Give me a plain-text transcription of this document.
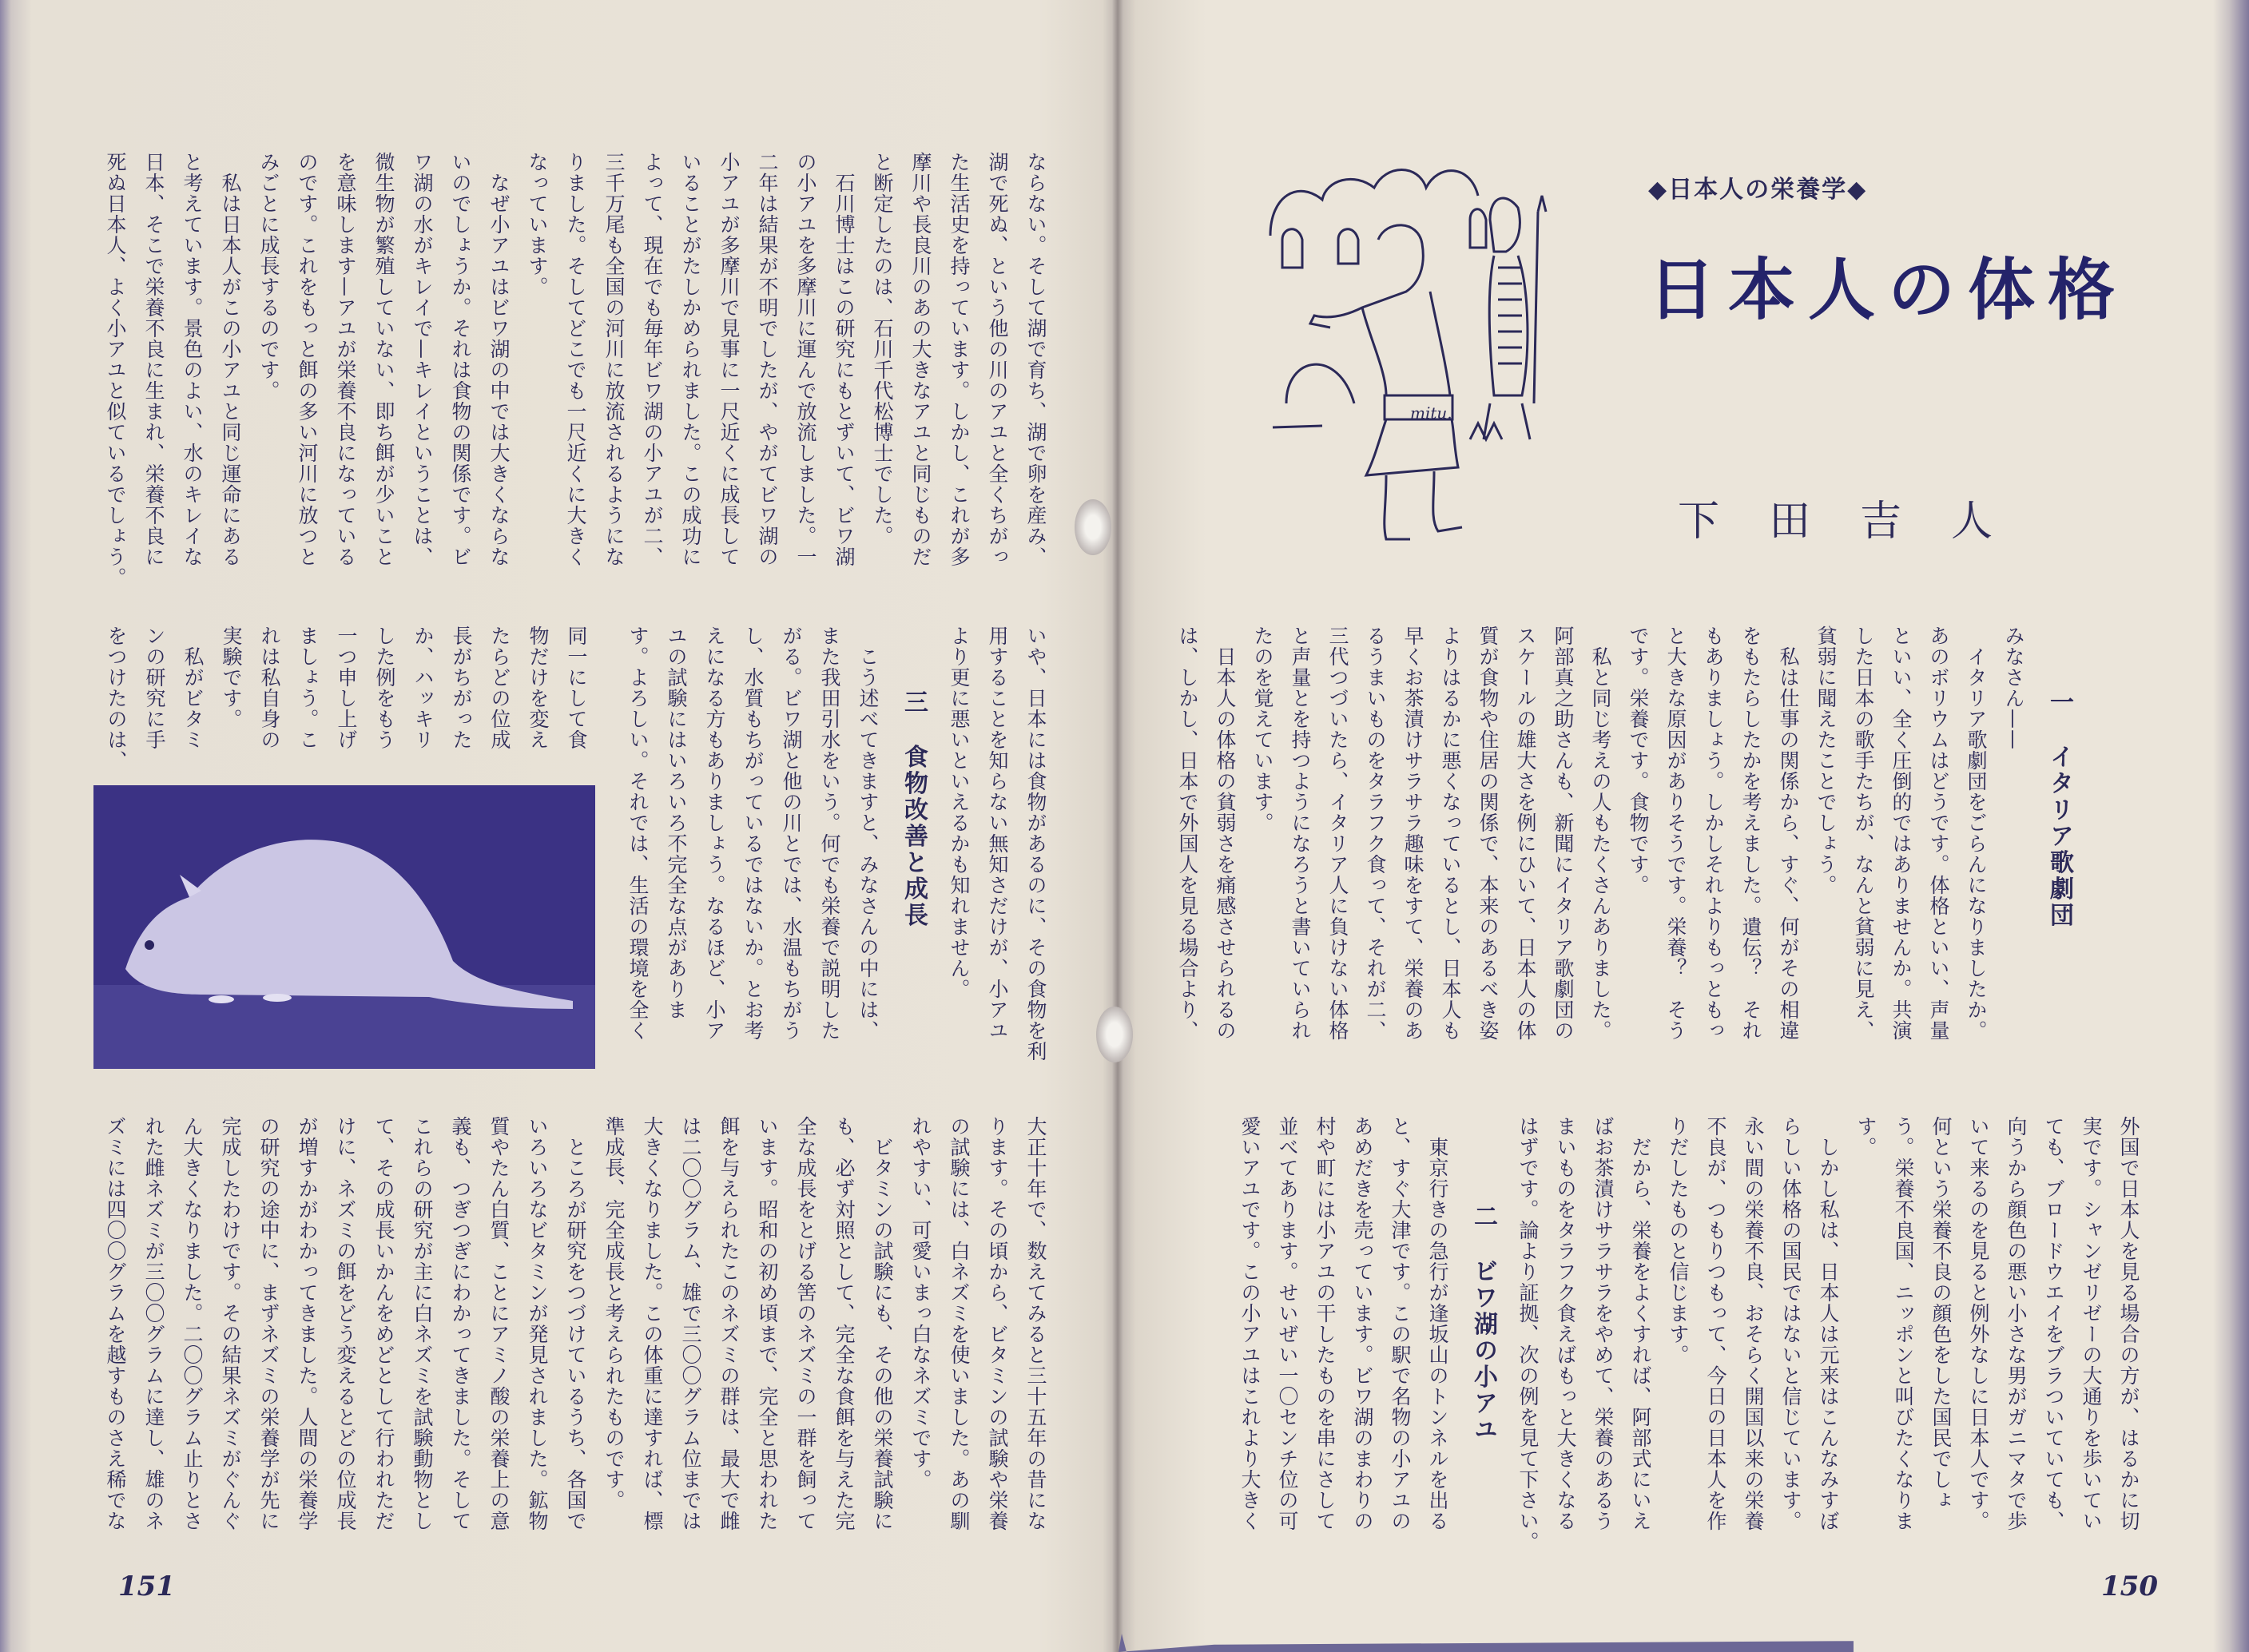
ならない。そして湖で育ち、湖で卵を産み、
湖で死ぬ、という他の川のアユと全くちがっ
た生活史を持っています。しかし、これが多
摩川や長良川のあの大きなアユと同じものだ
と断定したのは、石川千代松博士でした。
　石川博士はこの研究にもとずいて、ビワ湖
の小アユを多摩川に運んで放流しました。一
二年は結果が不明でしたが、やがてビワ湖の
小アユが多摩川で見事に一尺近くに成長して
いることがたしかめられました。この成功に
よって、現在でも毎年ビワ湖の小アユが二、
三千万尾も全国の河川に放流されるようにな
りました。そしてどこでも一尺近くに大きく
なっています。
　なぜ小アユはビワ湖の中では大きくならな
いのでしょうか。それは食物の関係です。ビ
ワ湖の水がキレイで—キレイということは、
微生物が繁殖していない、即ち餌が少いこと
を意味します—アユが栄養不良になっている
のです。これをもっと餌の多い河川に放つと
みごとに成長するのです。
　私は日本人がこの小アユと同じ運命にある
と考えています。景色のよい、水のキレイな
日本、そこで栄養不良に生まれ、栄養不良に
死ぬ日本人、よく小アユと似ているでしょう。
いや、日本には食物があるのに、その食物を利
用することを知らない無知さだけが、小アユ
より更に悪いといえるかも知れません。
三 食物改善と成長
　こう述べてきますと、みなさんの中には、
また我田引水をいう。何でも栄養で説明した
がる。ビワ湖と他の川とでは、水温もちがう
し、水質もちがっているではないか。とお考
えになる方もありましょう。なるほど、小ア
ユの試験にはいろいろ不完全な点がありま
す。よろしい。それでは、生活の環境を全く
同一にして食
物だけを変え
たらどの位成
長がちがった
か、ハッキリ
した例をもう
一つ申し上げ
ましょう。こ
れは私自身の
実験です。
　私がビタミ
ンの研究に手
をつけたのは、
大正十年で、数えてみると三十五年の昔にな
ります。その頃から、ビタミンの試験や栄養
の試験には、白ネズミを使いました。あの馴
れやすい、可愛いまっ白なネズミです。
　ビタミンの試験にも、その他の栄養試験に
も、必ず対照として、完全な食餌を与えた完
全な成長をとげる筈のネズミの一群を飼って
います。昭和の初め頃まで、完全と思われた
餌を与えられたこのネズミの群は、最大で雌
は二〇〇グラム、雄で三〇〇グラム位までは
大きくなりました。この体重に達すれば、標
準成長、完全成長と考えられたものです。
　ところが研究をつづけているうち、各国で
いろいろなビタミンが発見されました。鉱物
質やたん白質、ことにアミノ酸の栄養上の意
義も、つぎつぎにわかってきました。そして
これらの研究が主に白ネズミを試験動物とし
て、その成長いかんをめどとして行われただ
けに、ネズミの餌をどう変えるとどの位成長
が増すかがわかってきました。人間の栄養学
の研究の途中に、まずネズミの栄養学が先に
完成したわけです。その結果ネズミがぐんぐ
ん大きくなりました。二〇〇グラム止りとさ
れた雌ネズミが三〇〇グラムに達し、雄のネ
ズミには四〇〇グラムを越すものさえ稀でな
151
mitu.
◆日本人の栄養学◆
日本人の体格
下田吉人
一 イタリア歌劇団
みなさん——
　イタリア歌劇団をごらんになりましたか。
あのボリウムはどうです。体格といい、声量
といい、全く圧倒的ではありませんか。共演
した日本の歌手たちが、なんと貧弱に見え、
貧弱に聞えたことでしょう。
　私は仕事の関係から、すぐ、何がその相違
をもたらしたかを考えました。遺伝？　それ
もありましょう。しかしそれよりもっともっ
と大きな原因がありそうです。栄養？　そう
です。栄養です。食物です。
　私と同じ考えの人もたくさんありました。
阿部真之助さんも、新聞にイタリア歌劇団の
スケールの雄大さを例にひいて、日本人の体
質が食物や住居の関係で、本来のあるべき姿
よりはるかに悪くなっているとし、日本人も
早くお茶漬けサラサラ趣味をすて、栄養のあ
るうまいものをタラフク食って、それが二、
三代つづいたら、イタリア人に負けない体格
と声量とを持つようになろうと書いていられ
たのを覚えています。
　日本人の体格の貧弱さを痛感させられるの
は、しかし、日本で外国人を見る場合より、
外国で日本人を見る場合の方が、はるかに切
実です。シャンゼリゼーの大通りを歩いてい
ても、ブロードウエイをブラついていても、
向うから顔色の悪い小さな男がガニマタで歩
いて来るのを見ると例外なしに日本人です。
何という栄養不良の顔色をした国民でしょ
う。栄養不良国、ニッポンと叫びたくなりま
す。
　しかし私は、日本人は元来はこんなみすぼ
らしい体格の国民ではないと信じています。
永い間の栄養不良、おそらく開国以来の栄養
不良が、つもりつもって、今日の日本人を作
りだしたものと信じます。
　だから、栄養をよくすれば、阿部式にいえ
ばお茶漬けサラサラをやめて、栄養のあるう
まいものをタラフク食えばもっと大きくなる
はずです。論より証拠、次の例を見て下さい。
二 ビワ湖の小アユ
　東京行きの急行が逢坂山のトンネルを出る
と、すぐ大津です。この駅で名物の小アユの
あめだきを売っています。ビワ湖のまわりの
村や町には小アユの干したものを串にさして
並べてあります。せいぜい一〇センチ位の可
愛いアユです。この小アユはこれより大きく
150
